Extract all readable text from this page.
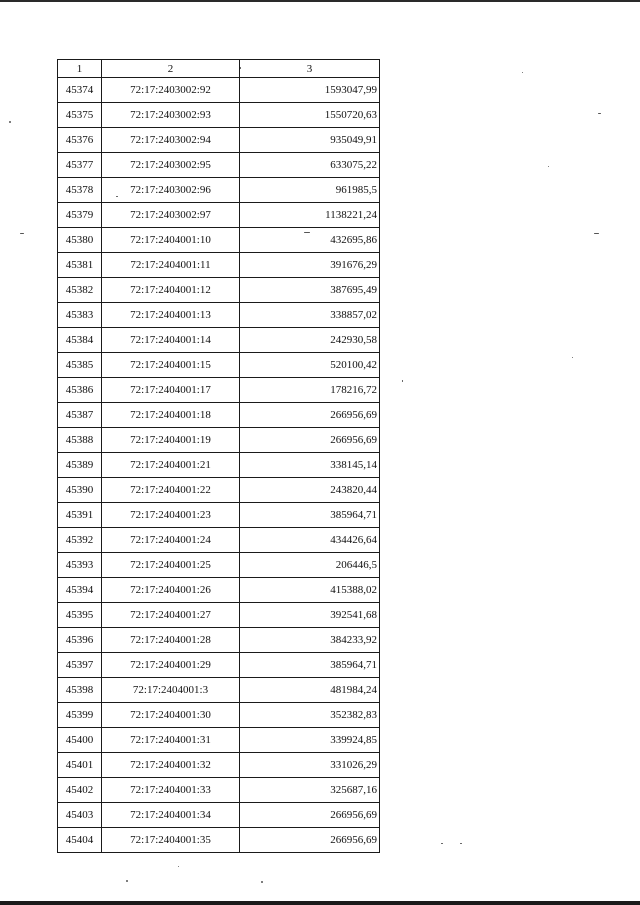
1	2	3
45374	72:17:2403002:92	1593047,99
45375	72:17:2403002:93	1550720,63
45376	72:17:2403002:94	935049,91
45377	72:17:2403002:95	633075,22
45378	72:17:2403002:96	961985,5
45379	72:17:2403002:97	1138221,24
45380	72:17:2404001:10	432695,86
45381	72:17:2404001:11	391676,29
45382	72:17:2404001:12	387695,49
45383	72:17:2404001:13	338857,02
45384	72:17:2404001:14	242930,58
45385	72:17:2404001:15	520100,42
45386	72:17:2404001:17	178216,72
45387	72:17:2404001:18	266956,69
45388	72:17:2404001:19	266956,69
45389	72:17:2404001:21	338145,14
45390	72:17:2404001:22	243820,44
45391	72:17:2404001:23	385964,71
45392	72:17:2404001:24	434426,64
45393	72:17:2404001:25	206446,5
45394	72:17:2404001:26	415388,02
45395	72:17:2404001:27	392541,68
45396	72:17:2404001:28	384233,92
45397	72:17:2404001:29	385964,71
45398	72:17:2404001:3	481984,24
45399	72:17:2404001:30	352382,83
45400	72:17:2404001:31	339924,85
45401	72:17:2404001:32	331026,29
45402	72:17:2404001:33	325687,16
45403	72:17:2404001:34	266956,69
45404	72:17:2404001:35	266956,69
